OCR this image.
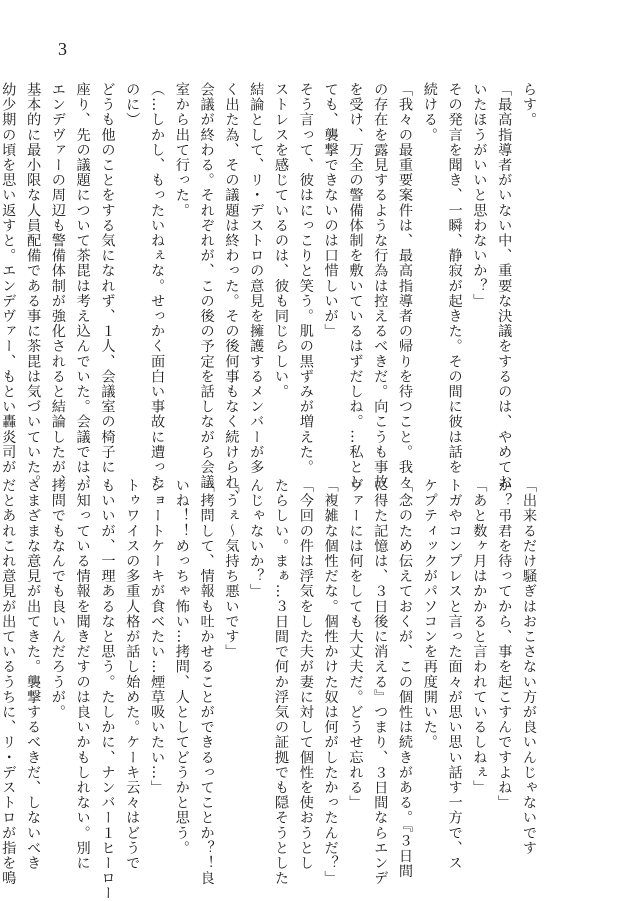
3
らす。
「最高指導者がいない中、重要な決議をするのは、やめてお
いたほうがいいと思わないか？」
その発言を聞き、一瞬、静寂が起きた。その間に彼は話を
続ける。
「我々の最重要案件は、最高指導者の帰りを待つこと。我々
の存在を露見するような行為は控えるべきだ。向こうも事故
を受け、万全の警備体制を敷いているはずだしね。…私とし
ても、襲撃できないのは口惜しいが」
そう言って、彼はにっこりと笑う。肌の黒ずみが増えた。
ストレスを感じているのは、彼も同じらしい。
結論として、リ・デストロの意見を擁護するメンバーが多
く出た為、その議題は終わった。その後何事もなく続けられ、
会議が終わる。それぞれが、この後の予定を話しながら会議
室から出て行った。
（…しかし、もったいねぇな。せっかく面白い事故に遭った
のに）
どうも他のことをする気になれず、１人、会議室の椅子に
座り、先の議題について茶毘は考え込んでいた。会議では、
エンデヴァーの周辺も警備体制が強化されると結論したが、
基本的に最小限な人員配備である事に茶毘は気づいていた。
幼少期の頃を思い返すと。エンデヴァー、もとい轟炎司が
「出来るだけ騒ぎはおこさない方が良いんじゃないです
か？弔君を待ってから、事を起こすんですよね」
「あと数ヶ月はかかると言われているしねぇ」
トガやコンプレスと言った面々が思い思い話す一方で、ス
ケプティックがパソコンを再度開いた。
「念のため伝えておくが、この個性は続きがある。『３日間
に得た記憶は、３日後に消える』つまり、３日間ならエンデ
ヴァーには何をしても大丈夫だ。どうせ忘れる」
「複雑な個性だな。個性かけた奴は何がしたかったんだ？」
「今回の件は浮気をした夫が妻に対して個性を使おうとし
たらしい。まぁ…３日間で何か浮気の証拠でも隠そうとした
んじゃないか？」
「うぇ～気持ち悪いです」
「拷問して、情報も吐かせることができるってことか？！良
いね！！めっちゃ怖い…拷問、人としてどうかと思う。
ショートケーキが食べたい…煙草吸いたい…」
トゥワイスの多重人格が話し始めた。ケーキ云々はどうで
もいいが、一理あるなと思う。たしかに、ナンバー１ヒーロー
が知っている情報を聞きだすのは良いかもしれない。別に
拷問でもなんでも良いんだろうが。
さまざまな意見が出てきた。襲撃するべきだ、しないべき
だとあれこれ意見が出ているうちに、リ・デストロが指を鳴
